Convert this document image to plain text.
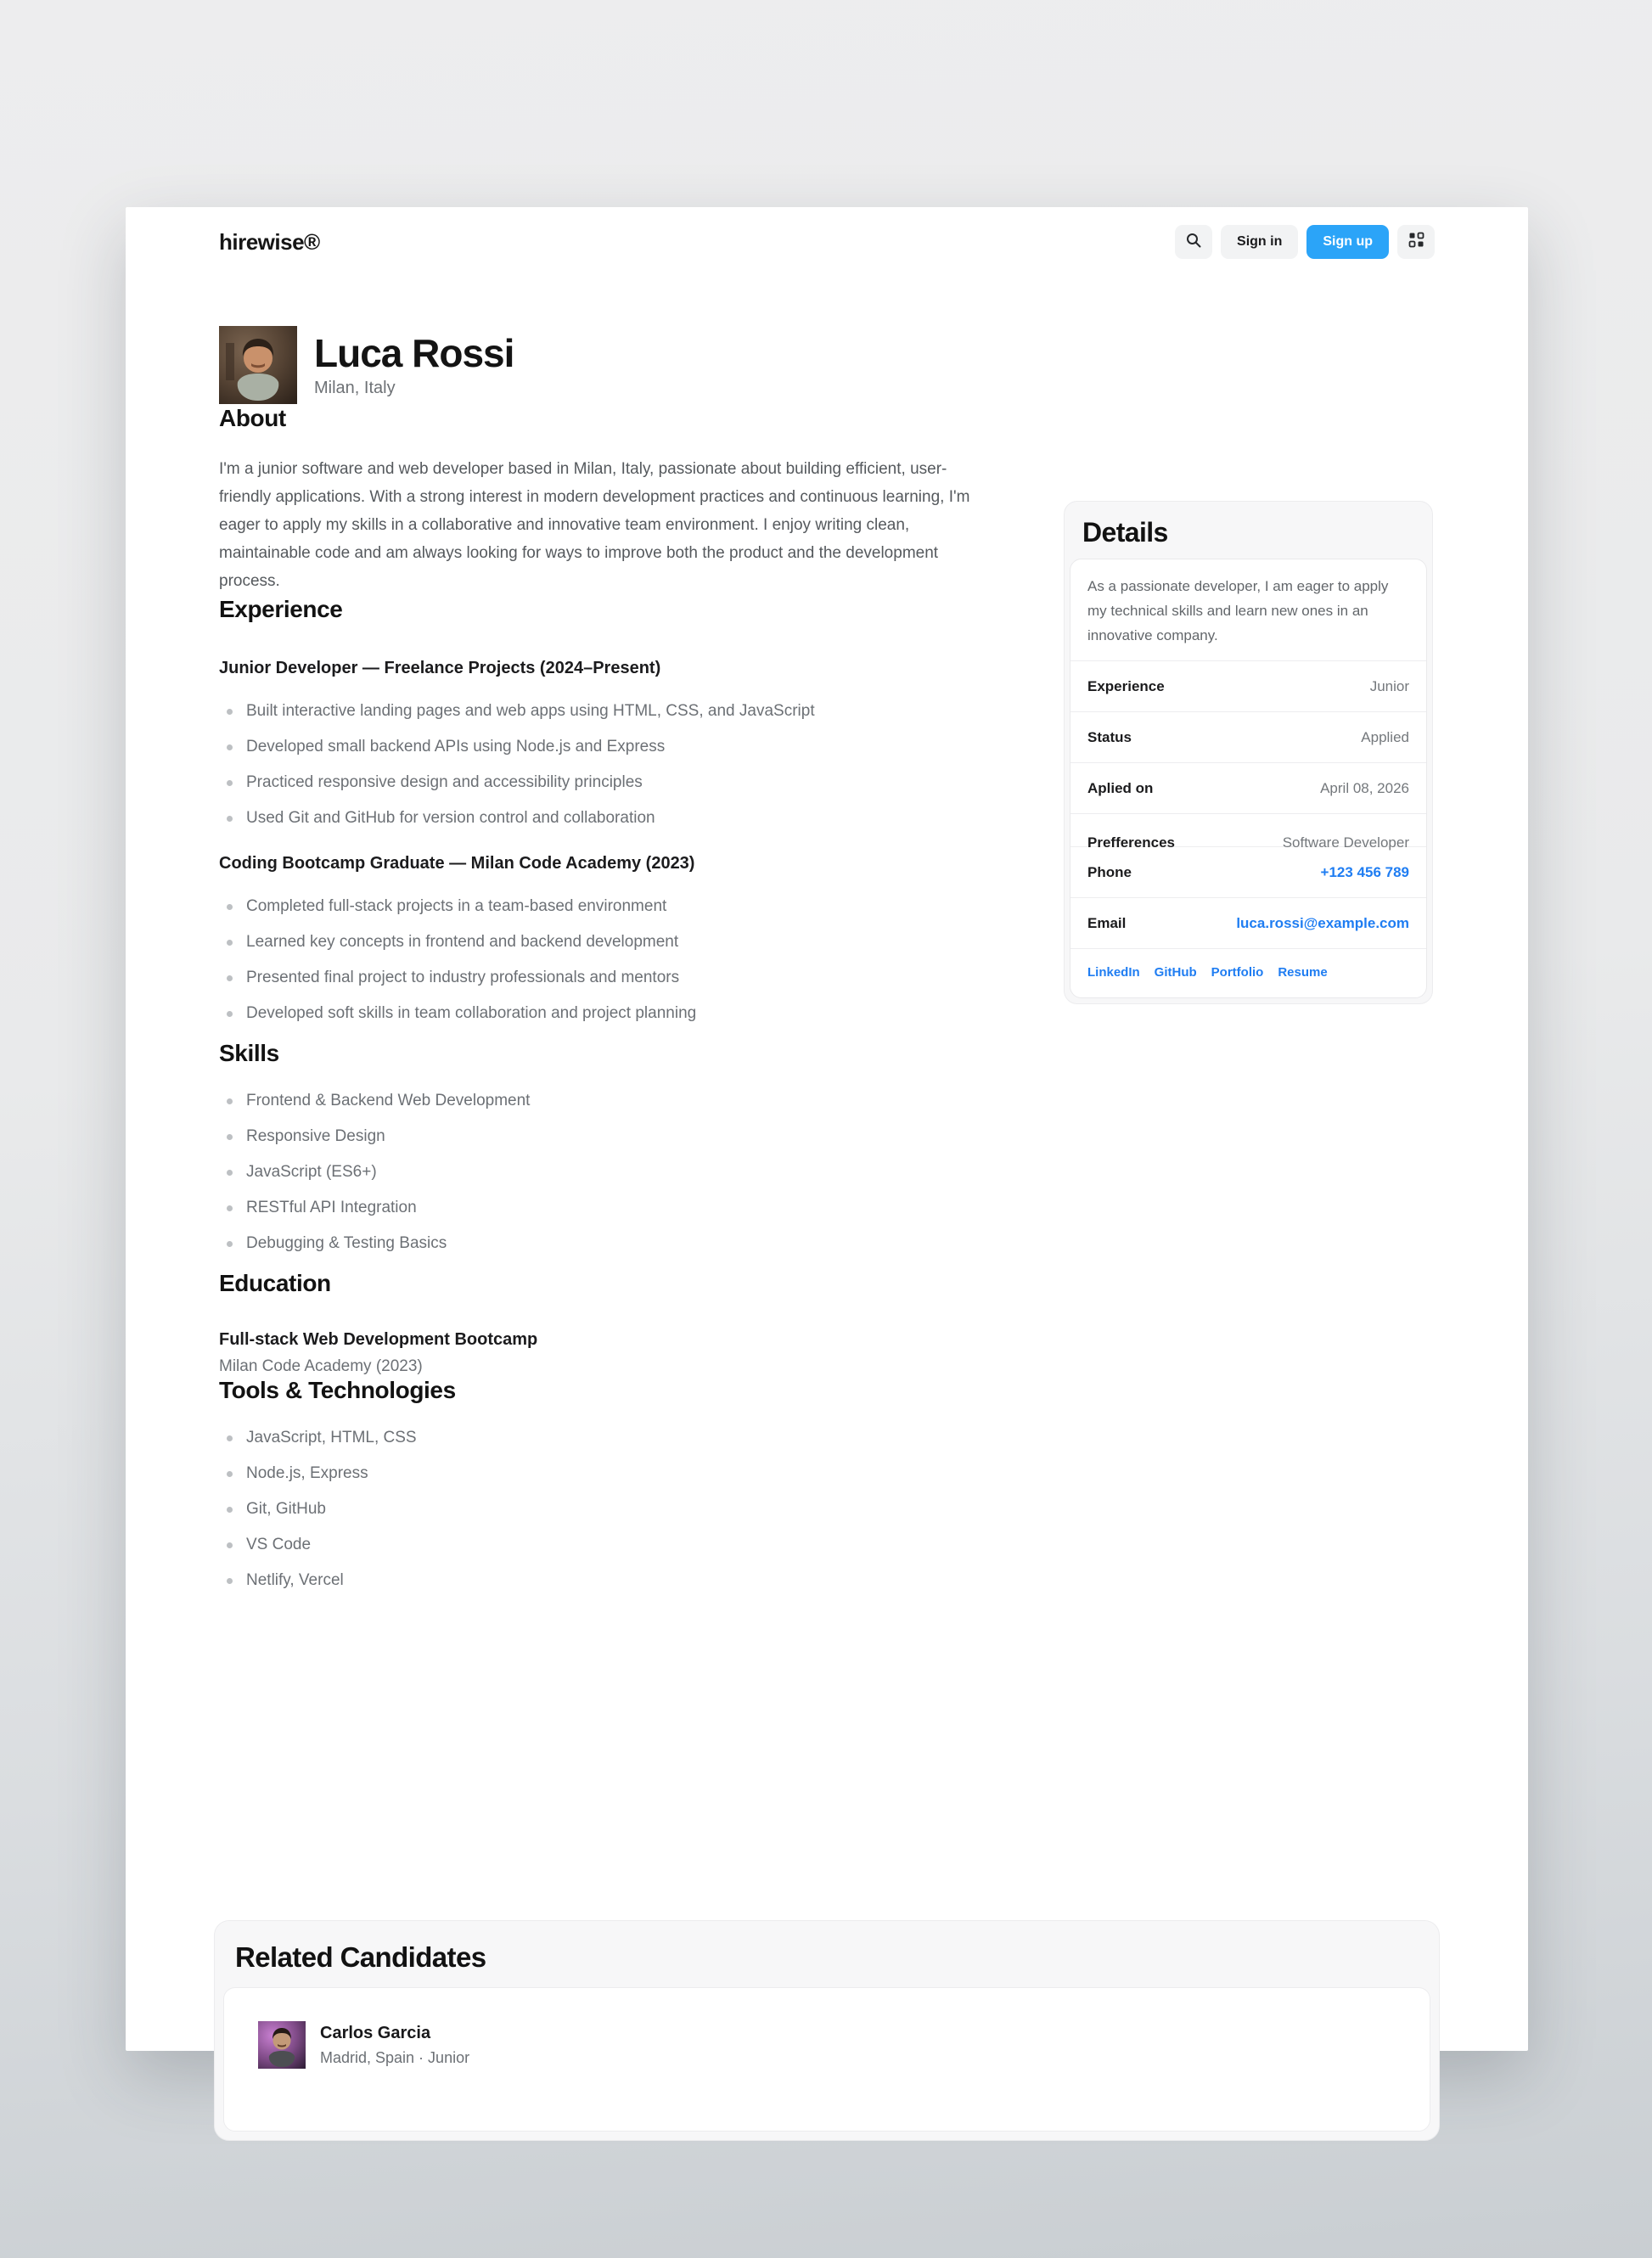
hirewise®	Sign in	Sign up
Luca Rossi
Milan, Italy
About

I'm a junior software and web developer based in Milan, Italy, passionate about building efficient, user-friendly applications. With a strong interest in modern development practices and continuous learning, I'm eager to apply my skills in a collaborative and innovative team environment. I enjoy writing clean, maintainable code and am always looking for ways to improve both the product and the development process.

Experience
Junior Developer — Freelance Projects (2024–Present)
Built interactive landing pages and web apps using HTML, CSS, and JavaScript
Developed small backend APIs using Node.js and Express
Practiced responsive design and accessibility principles
Used Git and GitHub for version control and collaboration
Coding Bootcamp Graduate — Milan Code Academy (2023)
Completed full-stack projects in a team-based environment
Learned key concepts in frontend and backend development
Presented final project to industry professionals and mentors
Developed soft skills in team collaboration and project planning
Skills
Frontend & Backend Web Development
Responsive Design
JavaScript (ES6+)
RESTful API Integration
Debugging & Testing Basics
Education
Full-stack Web Development Bootcamp
Milan Code Academy (2023)
Tools & Technologies
JavaScript, HTML, CSS
Node.js, Express
Git, GitHub
VS Code
Netlify, Vercel
Details
As a passionate developer, I am eager to apply my technical skills and learn new ones in an innovative company.
Experience	Junior
Status	Applied
Aplied on	April 08, 2026
Prefferences	Software Developer
Phone	+123 456 789
Email	luca.rossi@example.com
LinkedIn GitHub Portfolio Resume
Related Candidates
Carlos Garcia
Madrid, Spain · Junior
